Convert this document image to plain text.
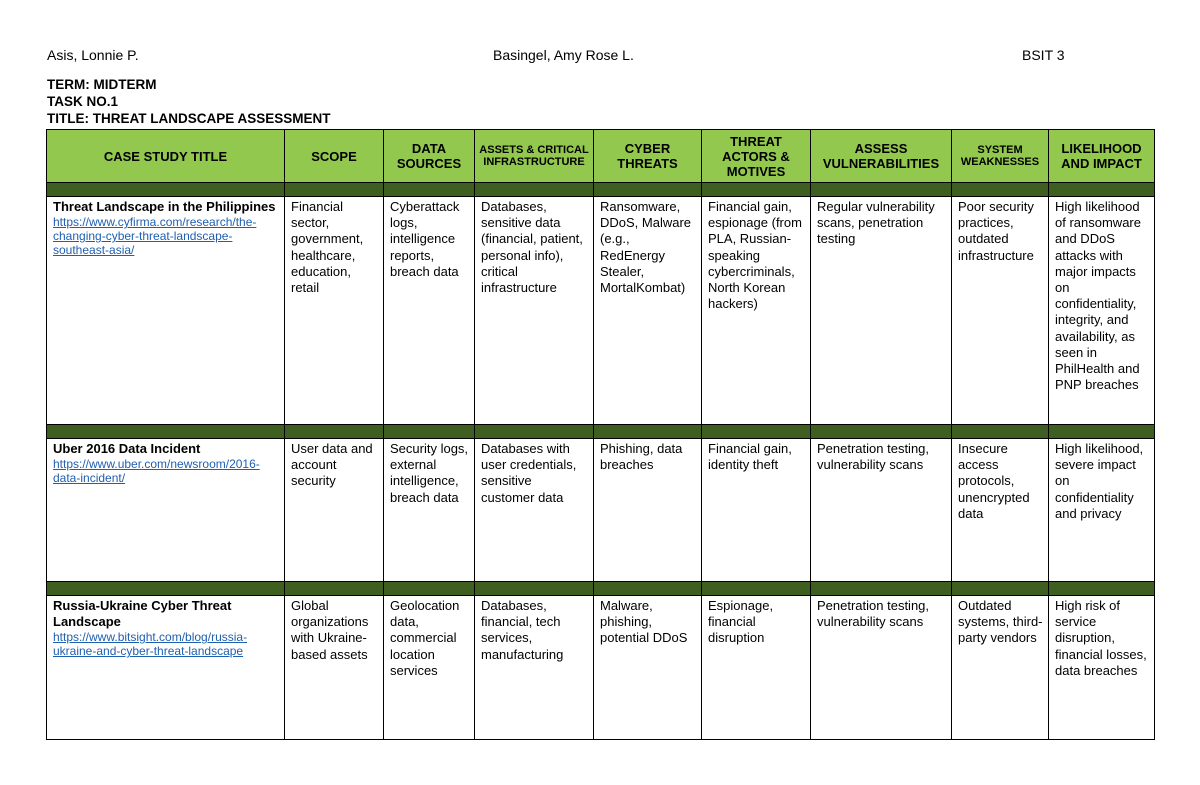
Asis, Lonnie P.	Basingel, Amy Rose L.	BSIT 3
TERM: MIDTERM
TASK NO.1
TITLE: THREAT LANDSCAPE ASSESSMENT
CASE STUDY TITLE	SCOPE	DATA SOURCES	ASSETS & CRITICAL INFRASTRUCTURE	CYBER THREATS	THREAT ACTORS & MOTIVES	ASSESS VULNERABILITIES	SYSTEM WEAKNESSES	LIKELIHOOD AND IMPACT

Threat Landscape in the Philippines
https://www.cyfirma.com/research/the-changing-cyber-threat-landscape-southeast-asia/	Financial sector, government, healthcare, education, retail	Cyberattack logs, intelligence reports, breach data	Databases, sensitive data (financial, patient, personal info), critical infrastructure	Ransomware, DDoS, Malware (e.g., RedEnergy Stealer, MortalKombat)	Financial gain, espionage (from PLA, Russian-speaking cybercriminals, North Korean hackers)	Regular vulnerability scans, penetration testing	Poor security practices, outdated infrastructure	High likelihood of ransomware and DDoS attacks with major impacts on confidentiality, integrity, and availability, as seen in PhilHealth and PNP breaches

Uber 2016 Data Incident
https://www.uber.com/newsroom/2016-data-incident/	User data and account security	Security logs, external intelligence, breach data	Databases with user credentials, sensitive customer data	Phishing, data breaches	Financial gain, identity theft	Penetration testing, vulnerability scans	Insecure access protocols, unencrypted data	High likelihood, severe impact on confidentiality and privacy

Russia-Ukraine Cyber Threat Landscape
https://www.bitsight.com/blog/russia-ukraine-and-cyber-threat-landscape	Global organizations with Ukraine-based assets	Geolocation data, commercial location services	Databases, financial, tech services, manufacturing	Malware, phishing, potential DDoS	Espionage, financial disruption	Penetration testing, vulnerability scans	Outdated systems, third-party vendors	High risk of service disruption, financial losses, data breaches
